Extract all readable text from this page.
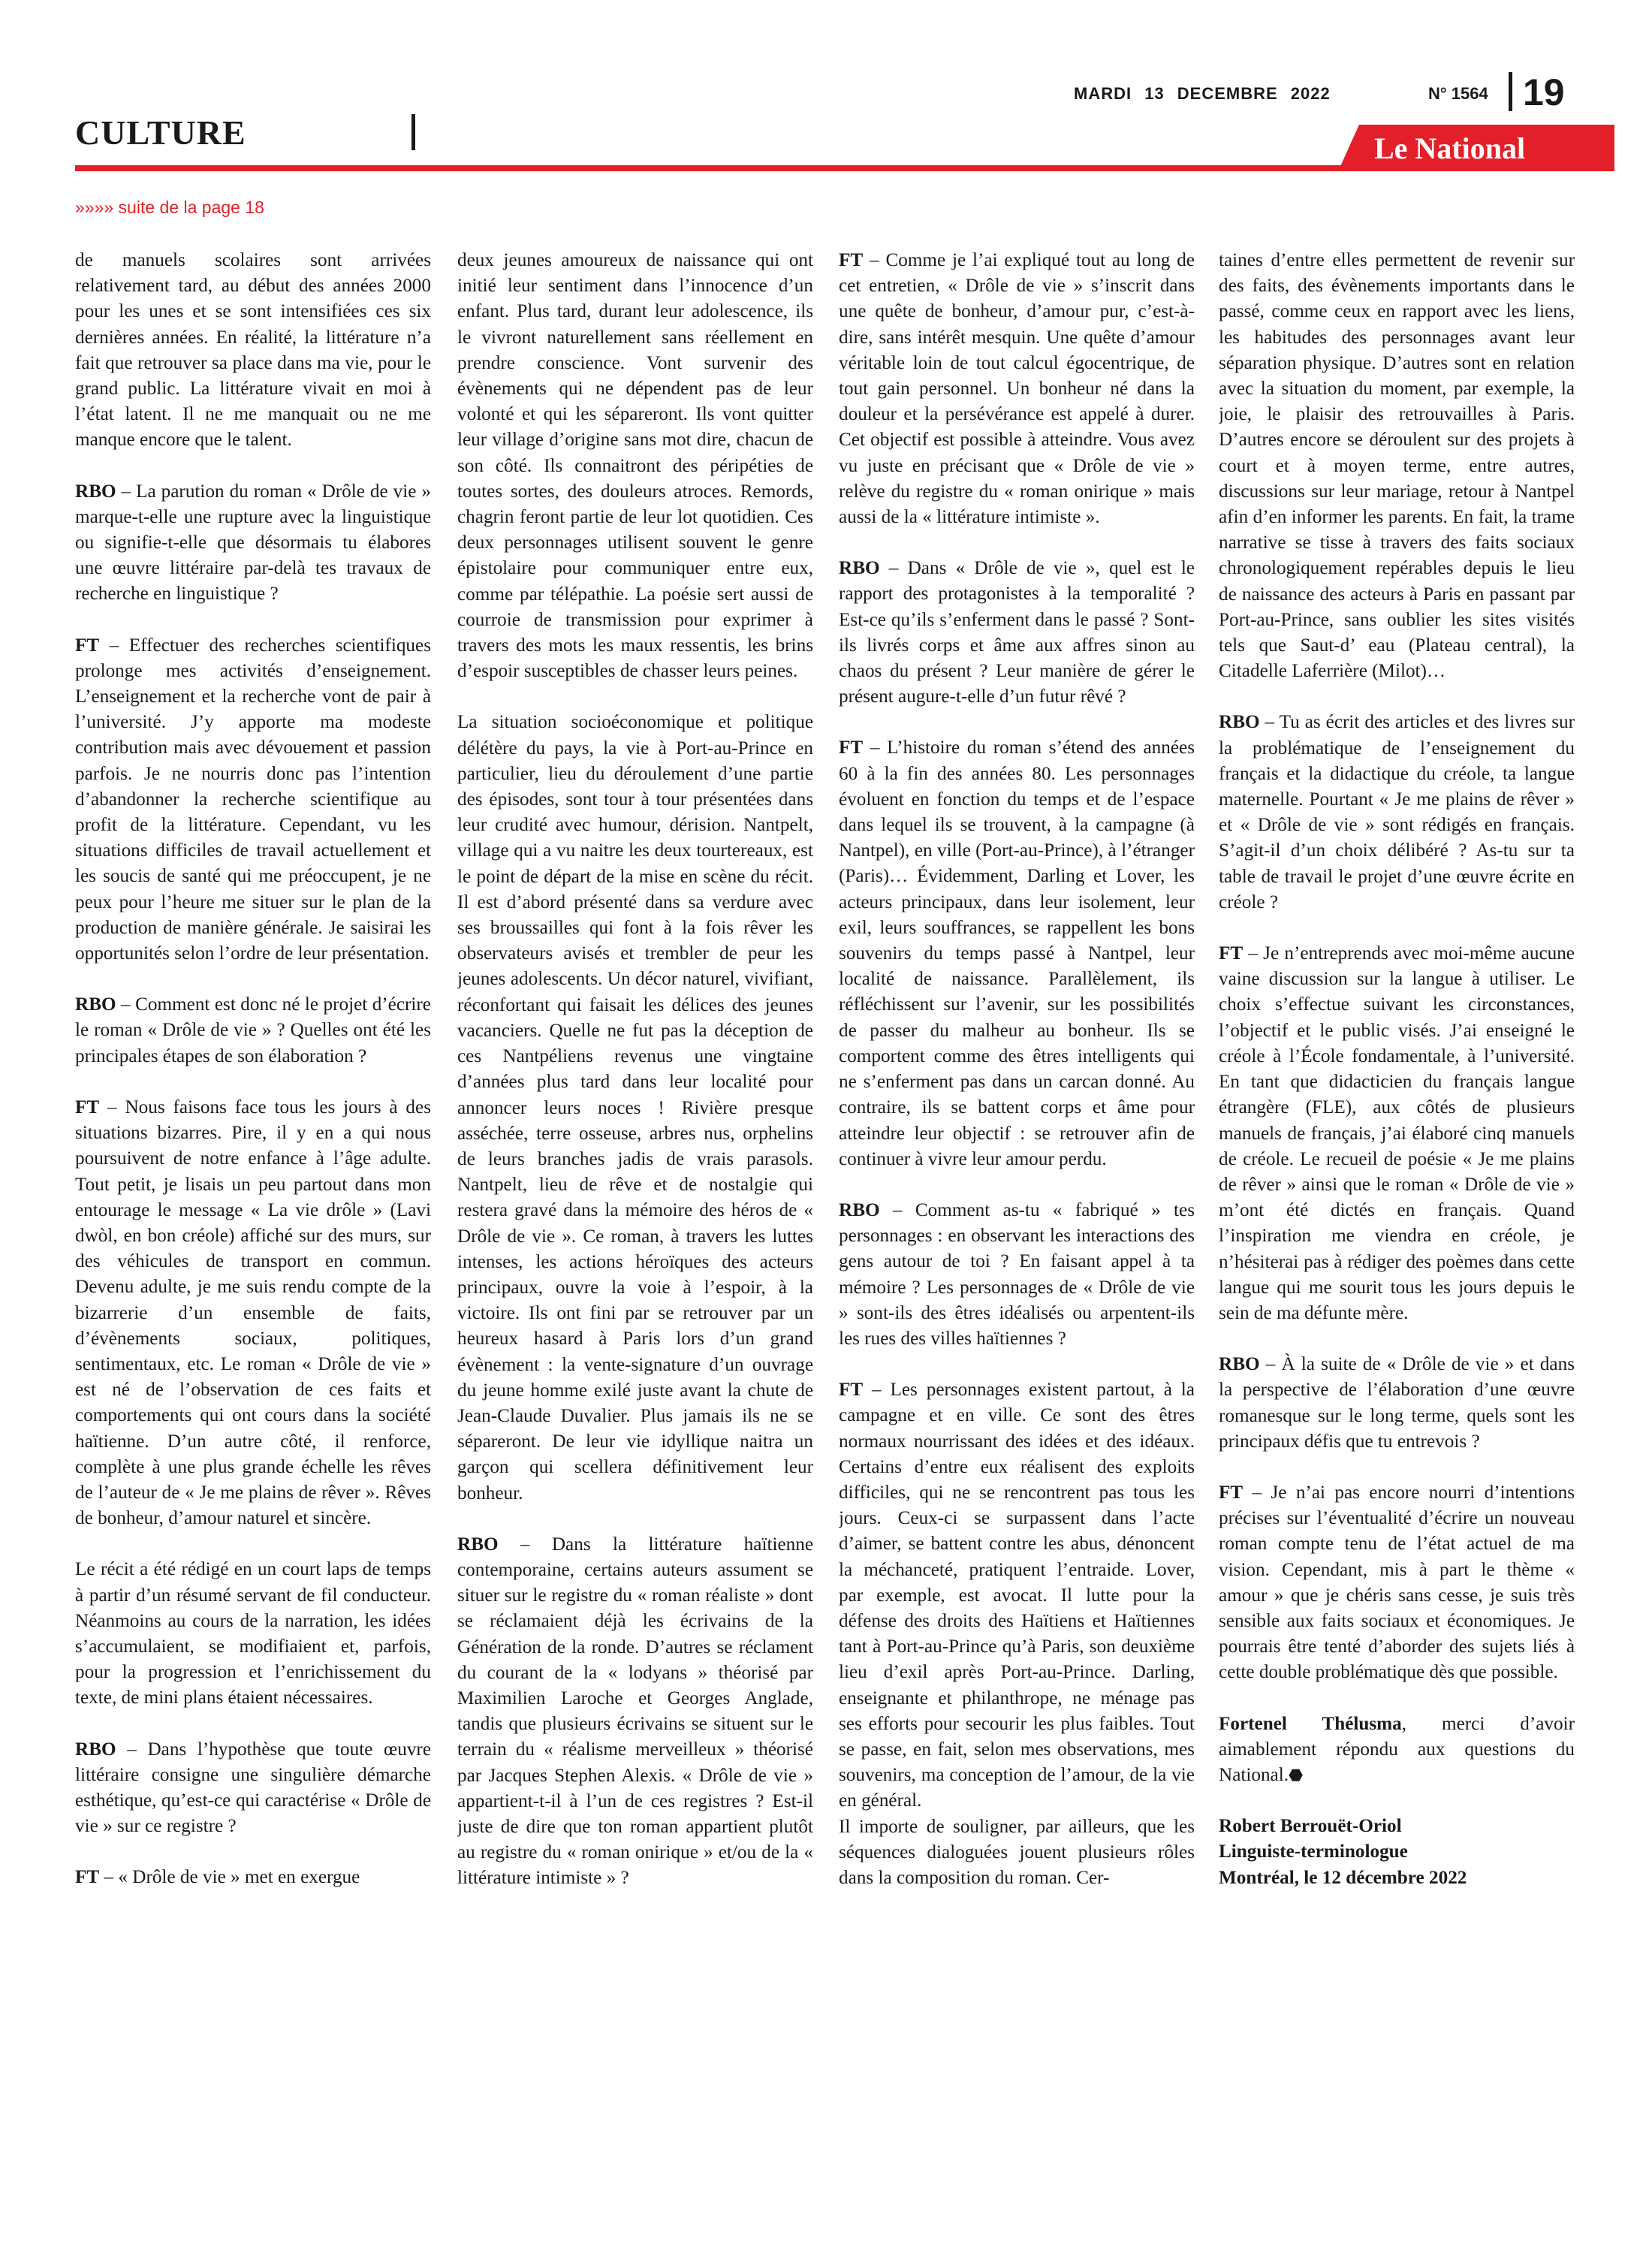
CULTURE
MARDI 13 DECEMBRE 2022	N° 1564 19
Le National
»»»» suite de la page 18

de manuels scolaires sont arrivées relativement tard, au début des années 2000 pour les unes et se sont intensifiées ces six dernières années. En réalité, la littérature n’a fait que retrouver sa place dans ma vie, pour le grand public. La littérature vivait en moi à l’état latent. Il ne me manquait ou ne me manque encore que le talent.

RBO – La parution du roman « Drôle de vie » marque-t-elle une rupture avec la linguistique ou signifie-t-elle que désormais tu élabores une œuvre littéraire par-delà tes travaux de recherche en linguistique ?

FT – Effectuer des recherches scientifiques prolonge mes activités d’enseignement. L’enseignement et la recherche vont de pair à l’université. J’y apporte ma modeste contribution mais avec dévouement et passion parfois. Je ne nourris donc pas l’intention d’abandonner la recherche scientifique au profit de la littérature. Cependant, vu les situations difficiles de travail actuellement et les soucis de santé qui me préoccupent, je ne peux pour l’heure me situer sur le plan de la production de manière générale. Je saisirai les opportunités selon l’ordre de leur présentation.

RBO – Comment est donc né le projet d’écrire le roman « Drôle de vie » ? Quelles ont été les principales étapes de son élaboration ?

FT – Nous faisons face tous les jours à des situations bizarres. Pire, il y en a qui nous poursuivent de notre enfance à l’âge adulte. Tout petit, je lisais un peu partout dans mon entourage le message « La vie drôle » (Lavi dwòl, en bon créole) affiché sur des murs, sur des véhicules de transport en commun. Devenu adulte, je me suis rendu compte de la bizarrerie d’un ensemble de faits, d’évènements sociaux, politiques, sentimentaux, etc. Le roman « Drôle de vie » est né de l’observation de ces faits et comportements qui ont cours dans la société haïtienne. D’un autre côté, il renforce, complète à une plus grande échelle les rêves de l’auteur de « Je me plains de rêver ». Rêves de bonheur, d’amour naturel et sincère.

Le récit a été rédigé en un court laps de temps à partir d’un résumé servant de fil conducteur. Néanmoins au cours de la narration, les idées s’accumulaient, se modifiaient et, parfois, pour la progression et l’enrichissement du texte, de mini plans étaient nécessaires.

RBO – Dans l’hypothèse que toute œuvre littéraire consigne une singulière démarche esthétique, qu’est-ce qui caractérise « Drôle de vie » sur ce registre ?

FT – « Drôle de vie » met en exergue

deux jeunes amoureux de naissance qui ont initié leur sentiment dans l’innocence d’un enfant. Plus tard, durant leur adolescence, ils le vivront naturellement sans réellement en prendre conscience. Vont survenir des évènements qui ne dépendent pas de leur volonté et qui les sépareront. Ils vont quitter leur village d’origine sans mot dire, chacun de son côté. Ils connaitront des péripéties de toutes sortes, des douleurs atroces. Remords, chagrin feront partie de leur lot quotidien. Ces deux personnages utilisent souvent le genre épistolaire pour communiquer entre eux, comme par télépathie. La poésie sert aussi de courroie de transmission pour exprimer à travers des mots les maux ressentis, les brins d’espoir susceptibles de chasser leurs peines.

La situation socioéconomique et politique délétère du pays, la vie à Port-au-Prince en particulier, lieu du déroulement d’une partie des épisodes, sont tour à tour présentées dans leur crudité avec humour, dérision. Nantpelt, village qui a vu naitre les deux tourtereaux, est le point de départ de la mise en scène du récit. Il est d’abord présenté dans sa verdure avec ses broussailles qui font à la fois rêver les observateurs avisés et trembler de peur les jeunes adolescents. Un décor naturel, vivifiant, réconfortant qui faisait les délices des jeunes vacanciers. Quelle ne fut pas la déception de ces Nantpéliens revenus une vingtaine d’années plus tard dans leur localité pour annoncer leurs noces ! Rivière presque asséchée, terre osseuse, arbres nus, orphelins de leurs branches jadis de vrais parasols. Nantpelt, lieu de rêve et de nostalgie qui restera gravé dans la mémoire des héros de « Drôle de vie ». Ce roman, à travers les luttes intenses, les actions héroïques des acteurs principaux, ouvre la voie à l’espoir, à la victoire. Ils ont fini par se retrouver par un heureux hasard à Paris lors d’un grand évènement : la vente-signature d’un ouvrage du jeune homme exilé juste avant la chute de Jean-Claude Duvalier. Plus jamais ils ne se sépareront. De leur vie idyllique naitra un garçon qui scellera définitivement leur bonheur.

RBO – Dans la littérature haïtienne contemporaine, certains auteurs assument se situer sur le registre du « roman réaliste » dont se réclamaient déjà les écrivains de la Génération de la ronde. D’autres se réclament du courant de la « lodyans » théorisé par Maximilien Laroche et Georges Anglade, tandis que plusieurs écrivains se situent sur le terrain du « réalisme merveilleux » théorisé par Jacques Stephen Alexis. « Drôle de vie » appartient-t-il à l’un de ces registres ? Est-il juste de dire que ton roman appartient plutôt au registre du « roman onirique » et/ou de la « littérature intimiste » ?

FT – Comme je l’ai expliqué tout au long de cet entretien, « Drôle de vie » s’inscrit dans une quête de bonheur, d’amour pur, c’est-à-dire, sans intérêt mesquin. Une quête d’amour véritable loin de tout calcul égocentrique, de tout gain personnel. Un bonheur né dans la douleur et la persévérance est appelé à durer. Cet objectif est possible à atteindre. Vous avez vu juste en précisant que « Drôle de vie » relève du registre du « roman onirique » mais aussi de la « littérature intimiste ».

RBO – Dans « Drôle de vie », quel est le rapport des protagonistes à la temporalité ? Est-ce qu’ils s’enferment dans le passé ? Sont-ils livrés corps et âme aux affres sinon au chaos du présent ? Leur manière de gérer le présent augure-t-elle d’un futur rêvé ?

FT – L’histoire du roman s’étend des années 60 à la fin des années 80. Les personnages évoluent en fonction du temps et de l’espace dans lequel ils se trouvent, à la campagne (à Nantpel), en ville (Port-au-Prince), à l’étranger (Paris)… Évidemment, Darling et Lover, les acteurs principaux, dans leur isolement, leur exil, leurs souffrances, se rappellent les bons souvenirs du temps passé à Nantpel, leur localité de naissance. Parallèlement, ils réfléchissent sur l’avenir, sur les possibilités de passer du malheur au bonheur. Ils se comportent comme des êtres intelligents qui ne s’enferment pas dans un carcan donné. Au contraire, ils se battent corps et âme pour atteindre leur objectif : se retrouver afin de continuer à vivre leur amour perdu.

RBO – Comment as-tu « fabriqué » tes personnages : en observant les interactions des gens autour de toi ? En faisant appel à ta mémoire ? Les personnages de « Drôle de vie » sont-ils des êtres idéalisés ou arpentent-ils les rues des villes haïtiennes ?

FT – Les personnages existent partout, à la campagne et en ville. Ce sont des êtres normaux nourrissant des idées et des idéaux. Certains d’entre eux réalisent des exploits difficiles, qui ne se rencontrent pas tous les jours. Ceux-ci se surpassent dans l’acte d’aimer, se battent contre les abus, dénoncent la méchanceté, pratiquent l’entraide. Lover, par exemple, est avocat. Il lutte pour la défense des droits des Haïtiens et Haïtiennes tant à Port-au-Prince qu’à Paris, son deuxième lieu d’exil après Port-au-Prince. Darling, enseignante et philanthrope, ne ménage pas ses efforts pour secourir les plus faibles. Tout se passe, en fait, selon mes observations, mes souvenirs, ma conception de l’amour, de la vie en général.

Il importe de souligner, par ailleurs, que les séquences dialoguées jouent plusieurs rôles dans la composition du roman. Cer-

taines d’entre elles permettent de revenir sur des faits, des évènements importants dans le passé, comme ceux en rapport avec les liens, les habitudes des personnages avant leur séparation physique. D’autres sont en relation avec la situation du moment, par exemple, la joie, le plaisir des retrouvailles à Paris. D’autres encore se déroulent sur des projets à court et à moyen terme, entre autres, discussions sur leur mariage, retour à Nantpel afin d’en informer les parents. En fait, la trame narrative se tisse à travers des faits sociaux chronologiquement repérables depuis le lieu de naissance des acteurs à Paris en passant par Port-au-Prince, sans oublier les sites visités tels que Saut-d’ eau (Plateau central), la Citadelle Laferrière (Milot)…

RBO – Tu as écrit des articles et des livres sur la problématique de l’enseignement du français et la didactique du créole, ta langue maternelle. Pourtant « Je me plains de rêver » et « Drôle de vie » sont rédigés en français. S’agit-il d’un choix délibéré ? As-tu sur ta table de travail le projet d’une œuvre écrite en créole ?

FT – Je n’entreprends avec moi-même aucune vaine discussion sur la langue à utiliser. Le choix s’effectue suivant les circonstances, l’objectif et le public visés. J’ai enseigné le créole à l’École fondamentale, à l’université. En tant que didacticien du français langue étrangère (FLE), aux côtés de plusieurs manuels de français, j’ai élaboré cinq manuels de créole. Le recueil de poésie « Je me plains de rêver » ainsi que le roman « Drôle de vie » m’ont été dictés en français. Quand l’inspiration me viendra en créole, je n’hésiterai pas à rédiger des poèmes dans cette langue qui me sourit tous les jours depuis le sein de ma défunte mère.

RBO – À la suite de « Drôle de vie » et dans la perspective de l’élaboration d’une œuvre romanesque sur le long terme, quels sont les principaux défis que tu entrevois ?

FT – Je n’ai pas encore nourri d’intentions précises sur l’éventualité d’écrire un nouveau roman compte tenu de l’état actuel de ma vision. Cependant, mis à part le thème « amour » que je chéris sans cesse, je suis très sensible aux faits sociaux et économiques. Je pourrais être tenté d’aborder des sujets liés à cette double problématique dès que possible.

Fortenel Thélusma, merci d’avoir aimablement répondu aux questions du National.⬣

Robert Berrouët-Oriol
Linguiste-terminologue
Montréal, le 12 décembre 2022
